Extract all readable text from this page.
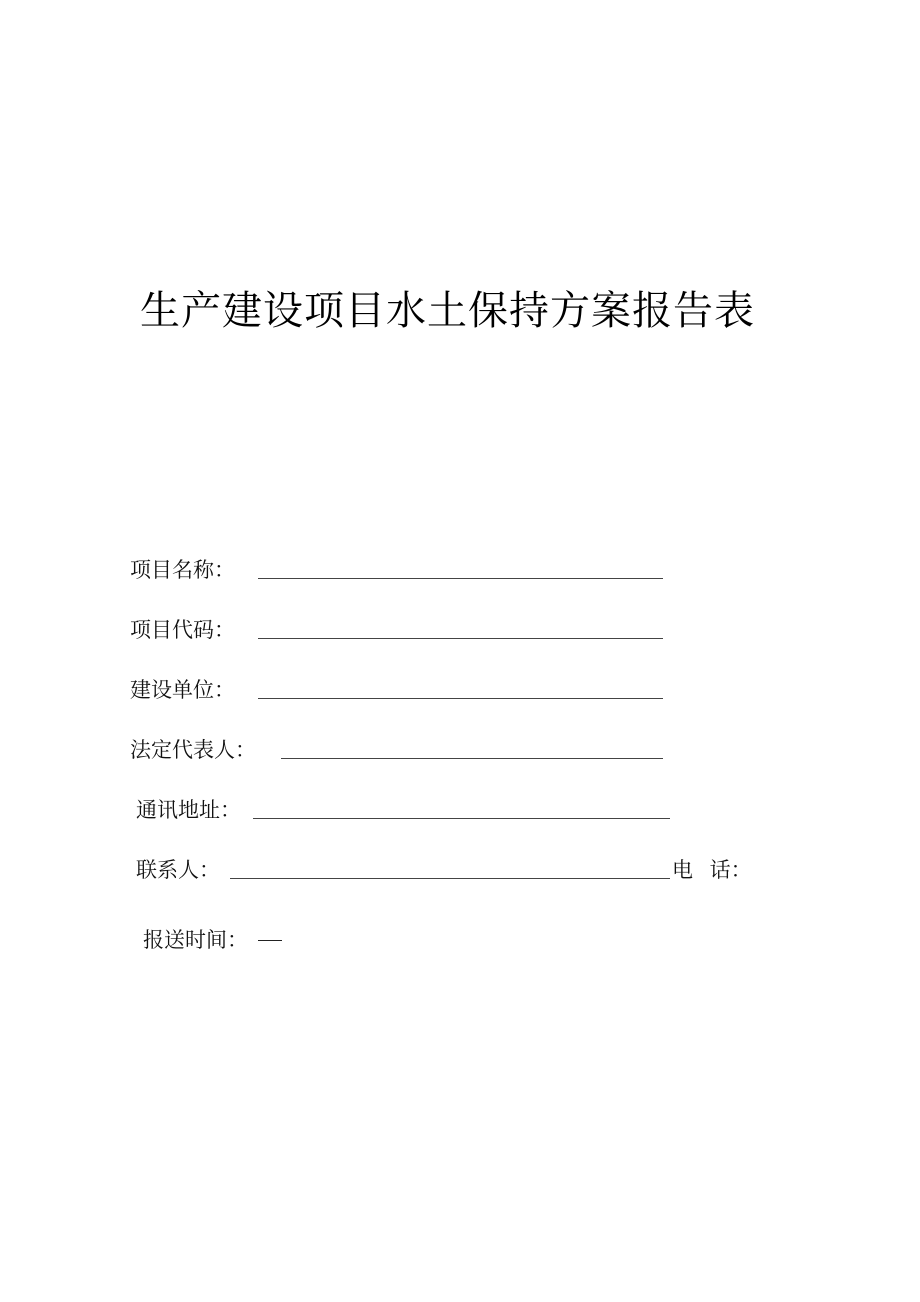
生产建设项目水土保持方案报告表
项目名称：
项目代码：
建设单位：
法定代表人：
通讯地址：
联系人：	电 话：
报送时间：
